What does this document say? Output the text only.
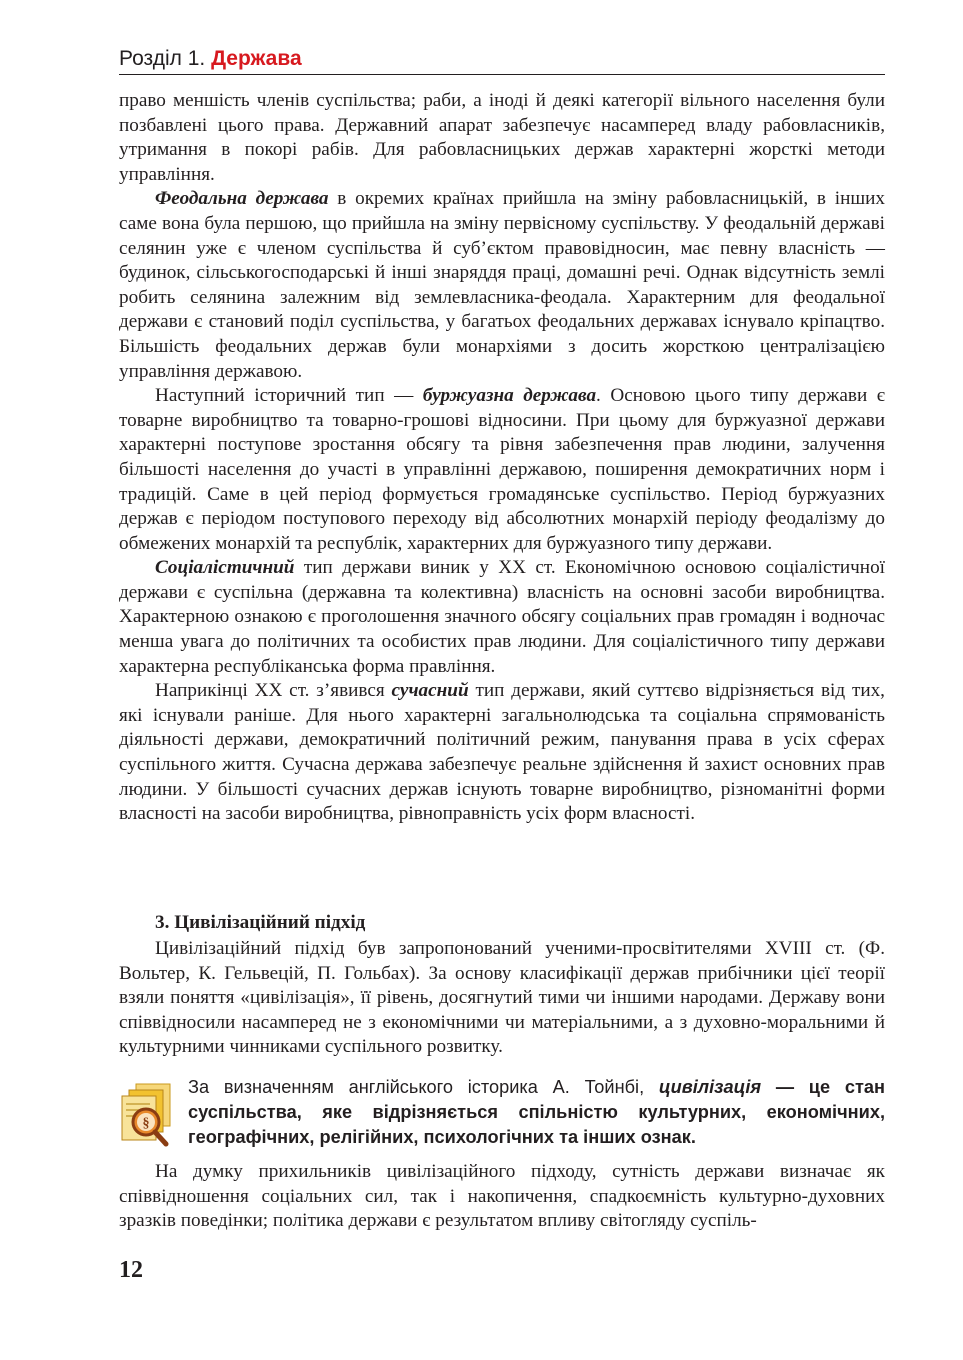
Розділ 1. Держава

право меншість членів суспільства; раби, а іноді й деякі категорії вільного населення були позбавлені цього права. Державний апарат забезпечує насамперед владу рабовласників, утримання в покорі рабів. Для рабовласницьких держав характерні жорсткі методи управління.

Феодальна держава в окремих країнах прийшла на зміну рабовласницькій, в інших саме вона була першою, що прийшла на зміну первісному суспільству. У феодальній державі селянин уже є членом суспільства й суб’єктом правовідносин, має певну власність — будинок, сільськогосподарські й інші знаряддя праці, домашні речі. Однак відсутність землі робить селянина залежним від землевласника-феодала. Характерним для феодальної держави є становий поділ суспільства, у багатьох феодальних державах існувало кріпацтво. Більшість феодальних держав були монархіями з досить жорсткою централізацією управління державою.

Наступний історичний тип — буржуазна держава. Основою цього типу держави є товарне виробництво та товарно-грошові відносини. При цьому для буржуазної держави характерні поступове зростання обсягу та рівня забезпечення прав людини, залучення більшості населення до участі в управлінні державою, поширення демократичних норм і традицій. Саме в цей період формується громадянське суспільство. Період буржуазних держав є періодом поступового переходу від абсолютних монархій періоду феодалізму до обмежених монархій та республік, характерних для буржуазного типу держави.

Соціалістичний тип держави виник у XX ст. Економічною основою соціалістичної держави є суспільна (державна та колективна) власність на основні засоби виробництва. Характерною ознакою є проголошення значного обсягу соціальних прав громадян і водночас менша увага до політичних та особистих прав людини. Для соціалістичного типу держави характерна республіканська форма правління.

Наприкінці XX ст. з’явився сучасний тип держави, який суттєво відрізняється від тих, які існували раніше. Для нього характерні загальнолюдська та соціальна спрямованість діяльності держави, демократичний політичний режим, панування права в усіх сферах суспільного життя. Сучасна держава забезпечує реальне здійснення й захист основних прав людини. У більшості сучасних держав існують товарне виробництво, різноманітні форми власності на засоби виробництва, рівноправність усіх форм власності.

3. Цивілізаційний підхід

Цивілізаційний підхід був запропонований ученими-просвітителями XVIII ст. (Ф. Вольтер, К. Гельвецій, П. Гольбах). За основу класифікації держав прибічники цієї теорії взяли поняття «цивілізація», її рівень, досягнутий тими чи іншими народами. Державу вони співвідносили насамперед не з економічними чи матеріальними, а з духовно-моральними й культурними чинниками суспільного розвитку.

§
За визначенням англійського історика А. Тойнбі, цивілізація — це стан суспільства, яке відрізняється спільністю культурних, економічних, географічних, релігійних, психологічних та інших ознак.

На думку прихильників цивілізаційного підходу, сутність держави визначає як співвідношення соціальних сил, так і накопичення, спадкоємність культурно-духовних зразків поведінки; політика держави є результатом впливу світогляду суспіль-

12
